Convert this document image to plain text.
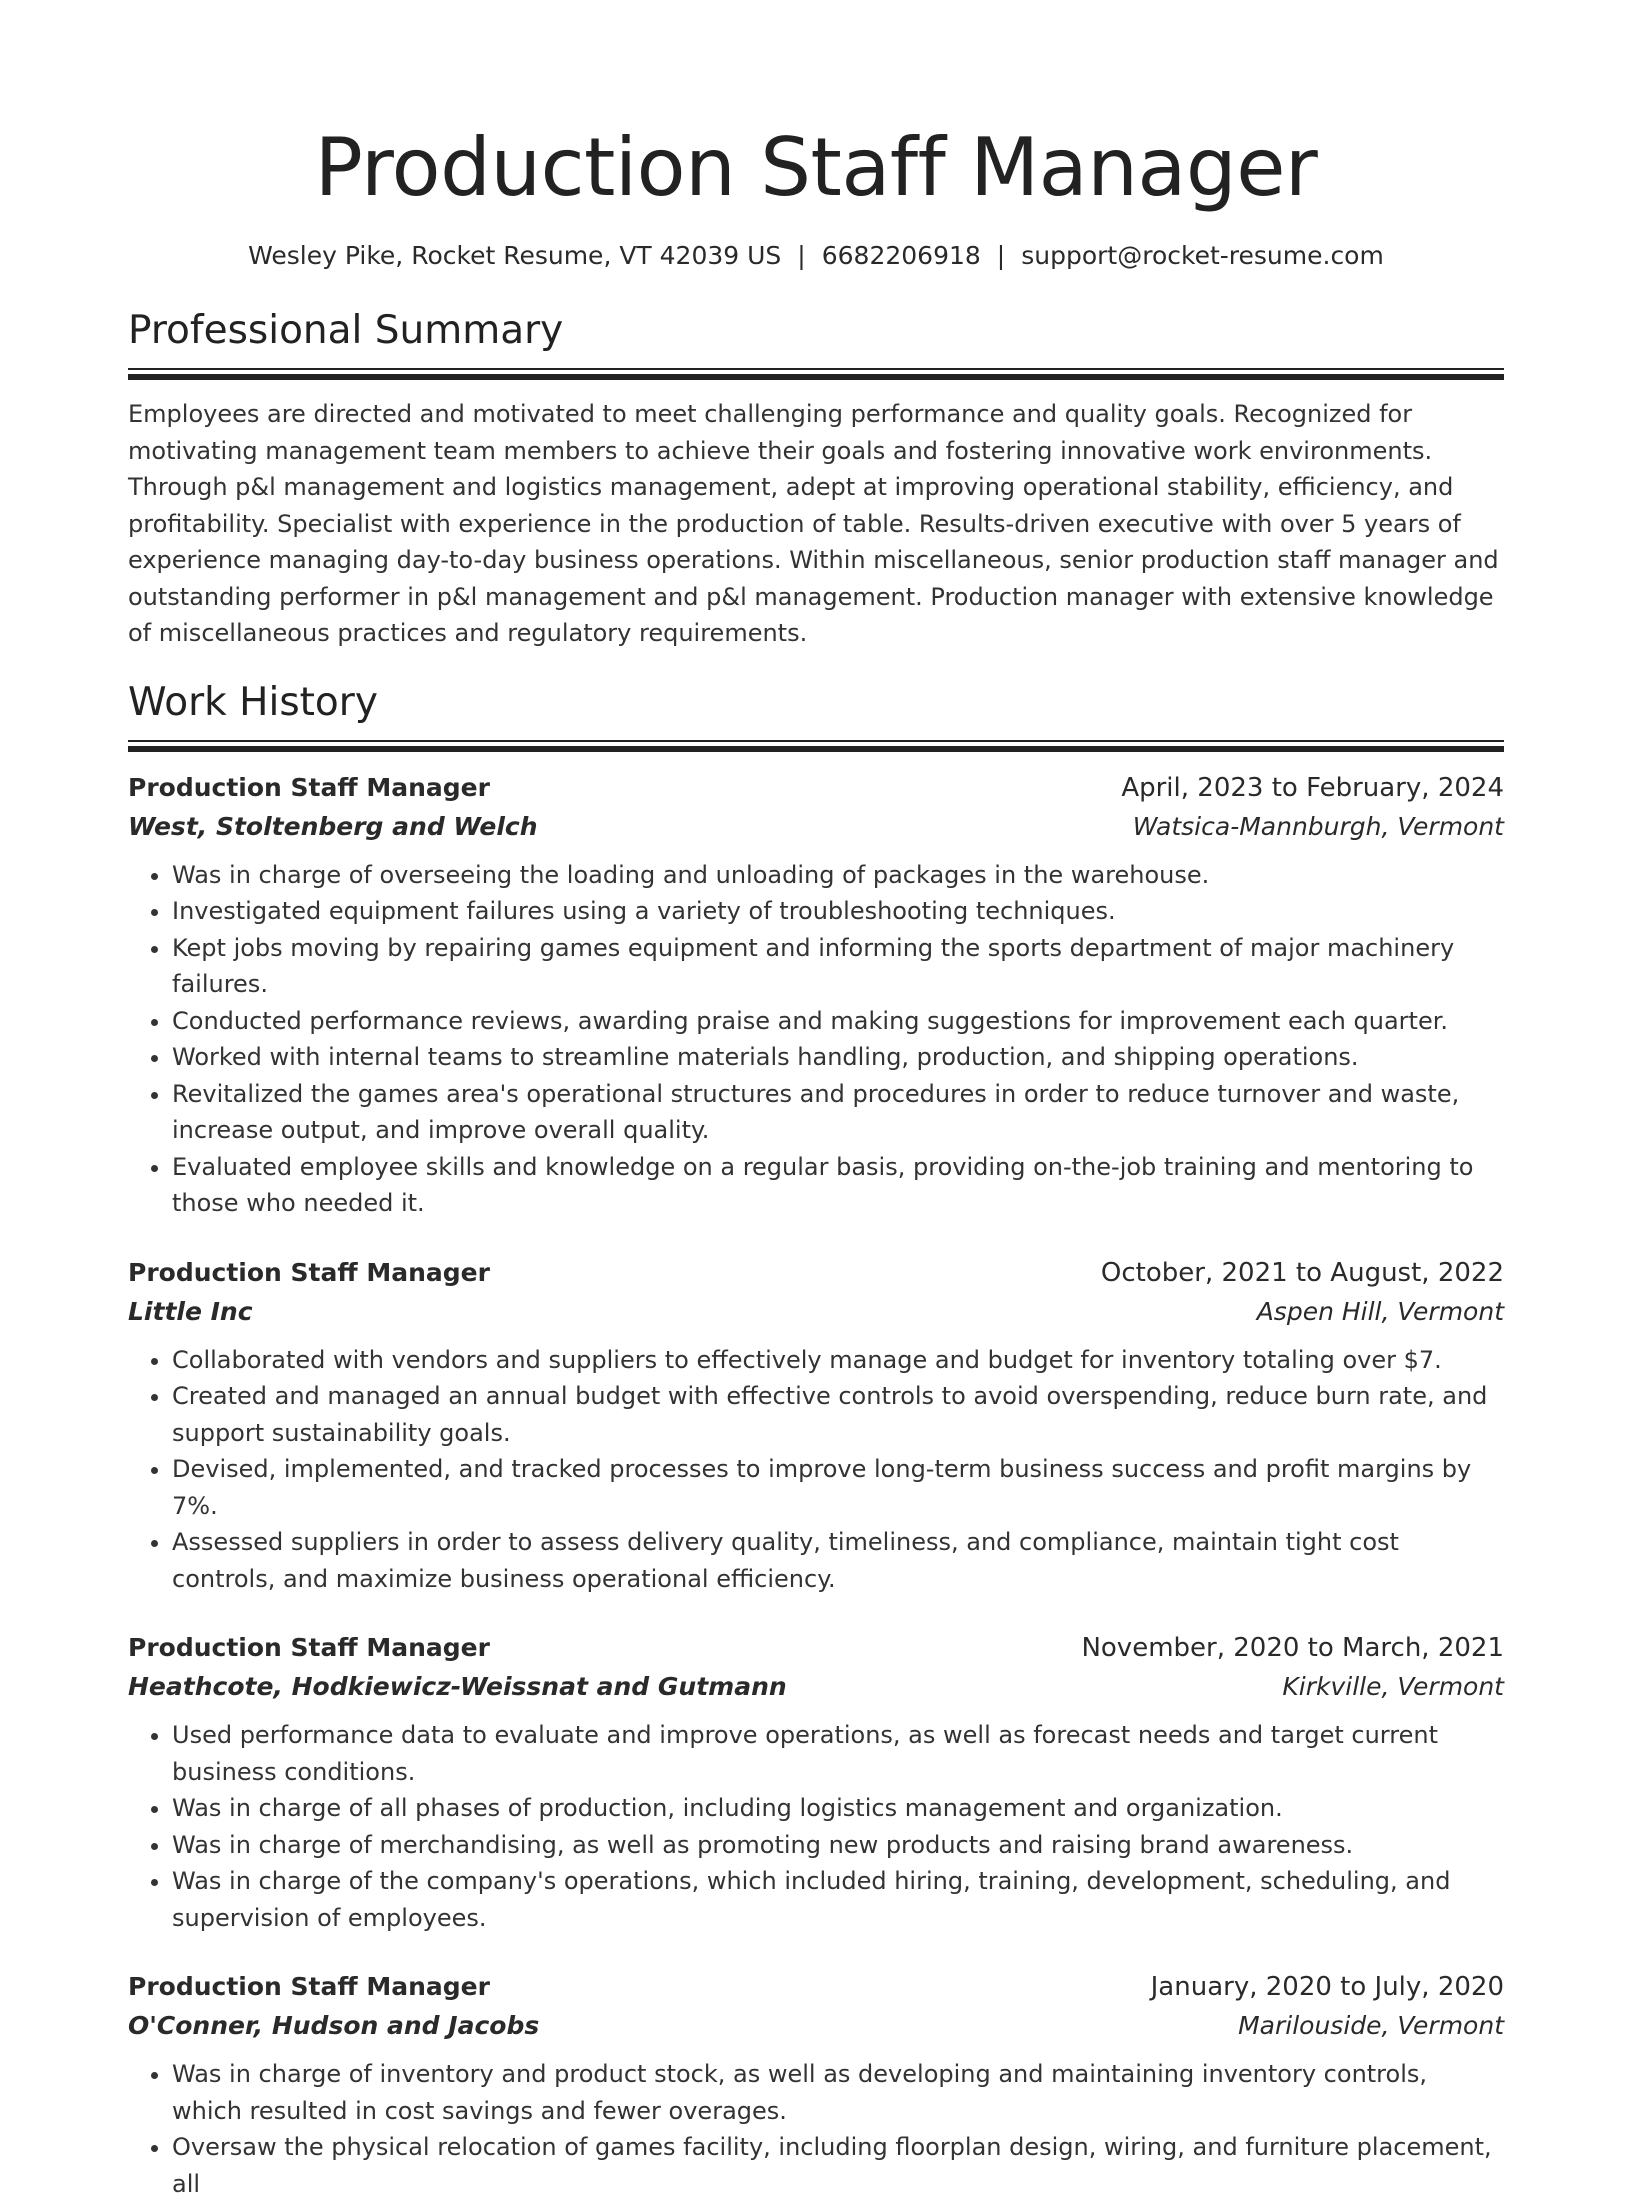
Production Staff Manager
Wesley Pike, Rocket Resume, VT 42039 US | 6682206918 | support@rocket-resume.com
Professional Summary

Employees are directed and motivated to meet challenging performance and quality goals. Recognized for motivating management team members to achieve their goals and fostering innovative work environments. Through p&l management and logistics management, adept at improving operational stability, efficiency, and profitability. Specialist with experience in the production of table. Results-driven executive with over 5 years of experience managing day-to-day business operations. Within miscellaneous, senior production staff manager and outstanding performer in p&l management and p&l management. Production manager with extensive knowledge of miscellaneous practices and regulatory requirements.

Work History
Production Staff Manager	April, 2023 to February, 2024
West, Stoltenberg and Welch	Watsica-Mannburgh, Vermont
• Was in charge of overseeing the loading and unloading of packages in the warehouse.
• Investigated equipment failures using a variety of troubleshooting techniques.
• Kept jobs moving by repairing games equipment and informing the sports department of major machinery failures.
• Conducted performance reviews, awarding praise and making suggestions for improvement each quarter.
• Worked with internal teams to streamline materials handling, production, and shipping operations.
• Revitalized the games area's operational structures and procedures in order to reduce turnover and waste, increase output, and improve overall quality.
• Evaluated employee skills and knowledge on a regular basis, providing on-the-job training and mentoring to those who needed it.
Production Staff Manager	October, 2021 to August, 2022
Little Inc	Aspen Hill, Vermont
• Collaborated with vendors and suppliers to effectively manage and budget for inventory totaling over $7.
• Created and managed an annual budget with effective controls to avoid overspending, reduce burn rate, and support sustainability goals.
• Devised, implemented, and tracked processes to improve long-term business success and profit margins by 7%.
• Assessed suppliers in order to assess delivery quality, timeliness, and compliance, maintain tight cost controls, and maximize business operational efficiency.
Production Staff Manager	November, 2020 to March, 2021
Heathcote, Hodkiewicz-Weissnat and Gutmann	Kirkville, Vermont
• Used performance data to evaluate and improve operations, as well as forecast needs and target current business conditions.
• Was in charge of all phases of production, including logistics management and organization.
• Was in charge of merchandising, as well as promoting new products and raising brand awareness.
• Was in charge of the company's operations, which included hiring, training, development, scheduling, and supervision of employees.
Production Staff Manager	January, 2020 to July, 2020
O'Conner, Hudson and Jacobs	Marilouside, Vermont
• Was in charge of inventory and product stock, as well as developing and maintaining inventory controls, which resulted in cost savings and fewer overages.
• Oversaw the physical relocation of games facility, including floorplan design, wiring, and furniture placement, all
